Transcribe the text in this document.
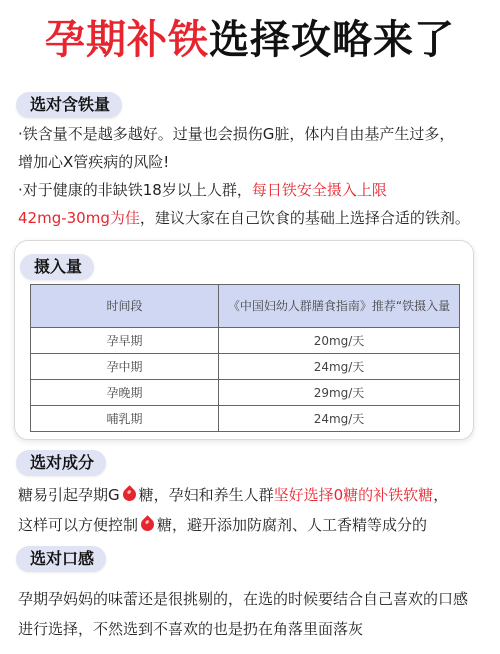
孕期补铁选择攻略来了
选对含铁量
·铁含量不是越多越好。过量也会损伤G脏，体内自由基产生过多，
增加心X管疾病的风险!
·对于健康的非缺铁18岁以上人群，每日铁安全摄入上限
42mg-30mg为佳，建议大家在自己饮食的基础上选择合适的铁剂。
摄入量
时间段	《中国妇幼人群膳食指南》推荐“铁摄入量
孕早期	20mg/天
孕中期	24mg/天
孕晚期	29mg/天
哺乳期	24mg/天
选对成分
糖易引起孕期G 糖，孕妇和养生人群坚好选择0糖的补铁软糖，
这样可以方便控制 糖，避开添加防腐剂、人工香精等成分的
选对口感
孕期孕妈妈的味蕾还是很挑剔的，在选的时候要结合自己喜欢的口感
进行选择，不然选到不喜欢的也是扔在角落里面落灰
